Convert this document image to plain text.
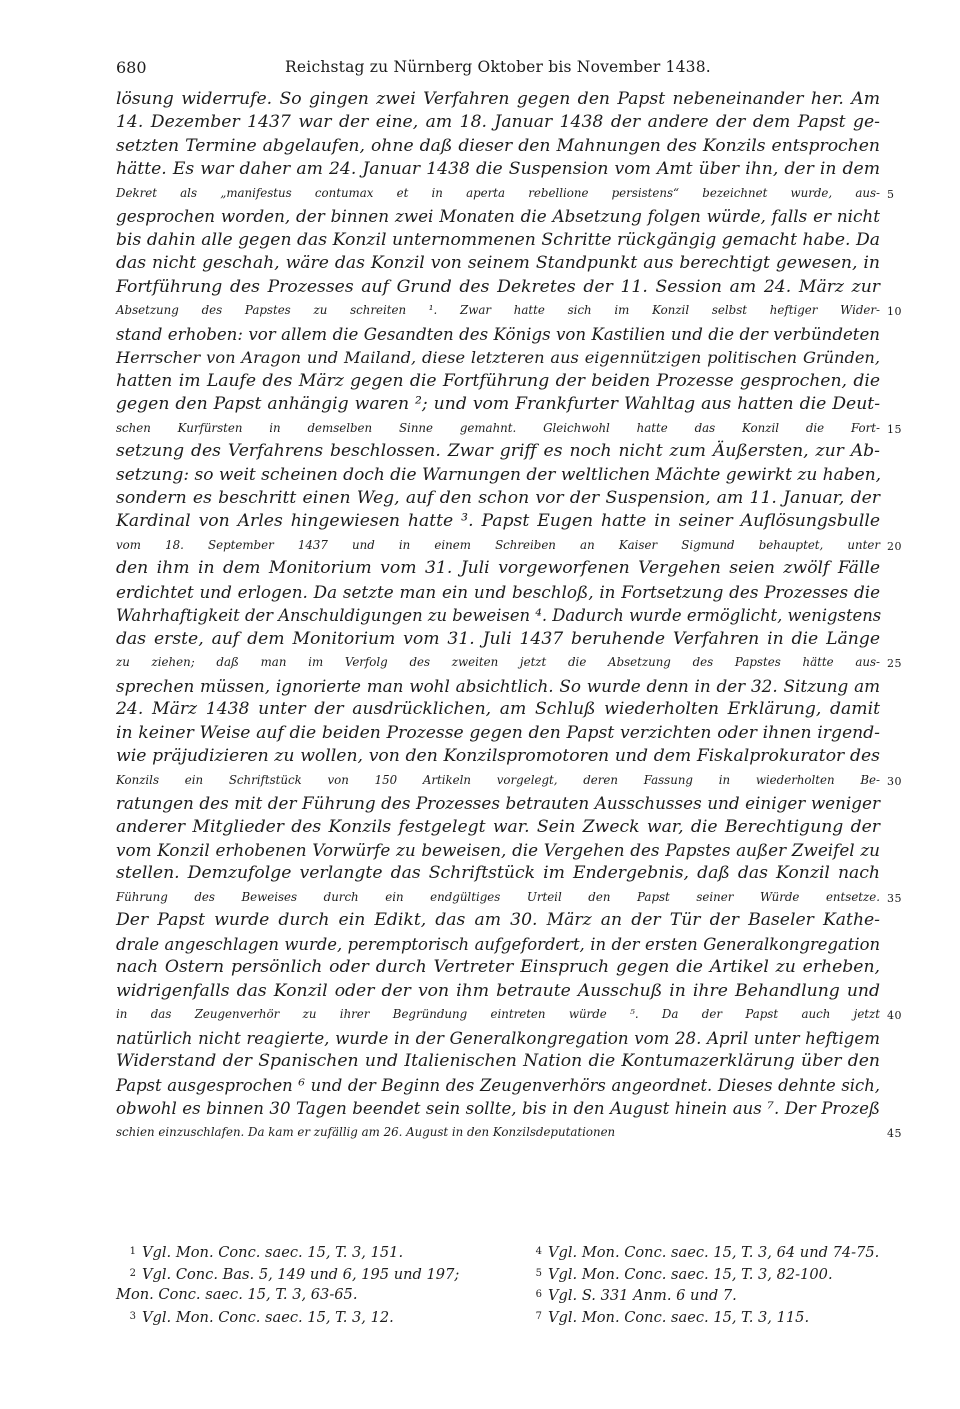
680	Reichstag zu Nürnberg Oktober bis November 1438.
lösung widerrufe. So gingen zwei Verfahren gegen den Papst nebeneinander her. Am
14. Dezember 1437 war der eine, am 18. Januar 1438 der andere der dem Papst ge-
setzten Termine abgelaufen, ohne daß dieser den Mahnungen des Konzils entsprochen
hätte. Es war daher am 24. Januar 1438 die Suspension vom Amt über ihn, der in dem
Dekret als „manifestus contumax et in aperta rebellione persistens“ bezeichnet wurde, aus- 5
gesprochen worden, der binnen zwei Monaten die Absetzung folgen würde, falls er nicht
bis dahin alle gegen das Konzil unternommenen Schritte rückgängig gemacht habe. Da
das nicht geschah, wäre das Konzil von seinem Standpunkt aus berechtigt gewesen, in
Fortführung des Prozesses auf Grund des Dekretes der 11. Session am 24. März zur
Absetzung des Papstes zu schreiten ¹. Zwar hatte sich im Konzil selbst heftiger Wider- 10
stand erhoben: vor allem die Gesandten des Königs von Kastilien und die der verbündeten
Herrscher von Aragon und Mailand, diese letzteren aus eigennützigen politischen Gründen,
hatten im Laufe des März gegen die Fortführung der beiden Prozesse gesprochen, die
gegen den Papst anhängig waren ²; und vom Frankfurter Wahltag aus hatten die Deut-
schen Kurfürsten in demselben Sinne gemahnt. Gleichwohl hatte das Konzil die Fort- 15
setzung des Verfahrens beschlossen. Zwar griff es noch nicht zum Äußersten, zur Ab-
setzung: so weit scheinen doch die Warnungen der weltlichen Mächte gewirkt zu haben,
sondern es beschritt einen Weg, auf den schon vor der Suspension, am 11. Januar, der
Kardinal von Arles hingewiesen hatte ³. Papst Eugen hatte in seiner Auflösungsbulle
vom 18. September 1437 und in einem Schreiben an Kaiser Sigmund behauptet, unter 20
den ihm in dem Monitorium vom 31. Juli vorgeworfenen Vergehen seien zwölf Fälle
erdichtet und erlogen. Da setzte man ein und beschloß, in Fortsetzung des Prozesses die
Wahrhaftigkeit der Anschuldigungen zu beweisen ⁴. Dadurch wurde ermöglicht, wenigstens
das erste, auf dem Monitorium vom 31. Juli 1437 beruhende Verfahren in die Länge
zu ziehen; daß man im Verfolg des zweiten jetzt die Absetzung des Papstes hätte aus- 25
sprechen müssen, ignorierte man wohl absichtlich. So wurde denn in der 32. Sitzung am
24. März 1438 unter der ausdrücklichen, am Schluß wiederholten Erklärung, damit
in keiner Weise auf die beiden Prozesse gegen den Papst verzichten oder ihnen irgend-
wie präjudizieren zu wollen, von den Konzilspromotoren und dem Fiskalprokurator des
Konzils ein Schriftstück von 150 Artikeln vorgelegt, deren Fassung in wiederholten Be- 30
ratungen des mit der Führung des Prozesses betrauten Ausschusses und einiger weniger
anderer Mitglieder des Konzils festgelegt war. Sein Zweck war, die Berechtigung der
vom Konzil erhobenen Vorwürfe zu beweisen, die Vergehen des Papstes außer Zweifel zu
stellen. Demzufolge verlangte das Schriftstück im Endergebnis, daß das Konzil nach
Führung des Beweises durch ein endgültiges Urteil den Papst seiner Würde entsetze. 35
Der Papst wurde durch ein Edikt, das am 30. März an der Tür der Baseler Kathe-
drale angeschlagen wurde, peremptorisch aufgefordert, in der ersten Generalkongregation
nach Ostern persönlich oder durch Vertreter Einspruch gegen die Artikel zu erheben,
widrigenfalls das Konzil oder der von ihm betraute Ausschuß in ihre Behandlung und
in das Zeugenverhör zu ihrer Begründung eintreten würde ⁵. Da der Papst auch jetzt 40
natürlich nicht reagierte, wurde in der Generalkongregation vom 28. April unter heftigem
Widerstand der Spanischen und Italienischen Nation die Kontumazerklärung über den
Papst ausgesprochen ⁶ und der Beginn des Zeugenverhörs angeordnet. Dieses dehnte sich,
obwohl es binnen 30 Tagen beendet sein sollte, bis in den August hinein aus ⁷. Der Prozeß
schien einzuschlafen. Da kam er zufällig am 26. August in den Konzilsdeputationen	45
1 Vgl. Mon. Conc. saec. 15, T. 3, 151.
2 Vgl. Conc. Bas. 5, 149 und 6, 195 und 197;
Mon. Conc. saec. 15, T. 3, 63-65.
3 Vgl. Mon. Conc. saec. 15, T. 3, 12.
4 Vgl. Mon. Conc. saec. 15, T. 3, 64 und 74-75.
5 Vgl. Mon. Conc. saec. 15, T. 3, 82-100.
6 Vgl. S. 331 Anm. 6 und 7.
7 Vgl. Mon. Conc. saec. 15, T. 3, 115.
